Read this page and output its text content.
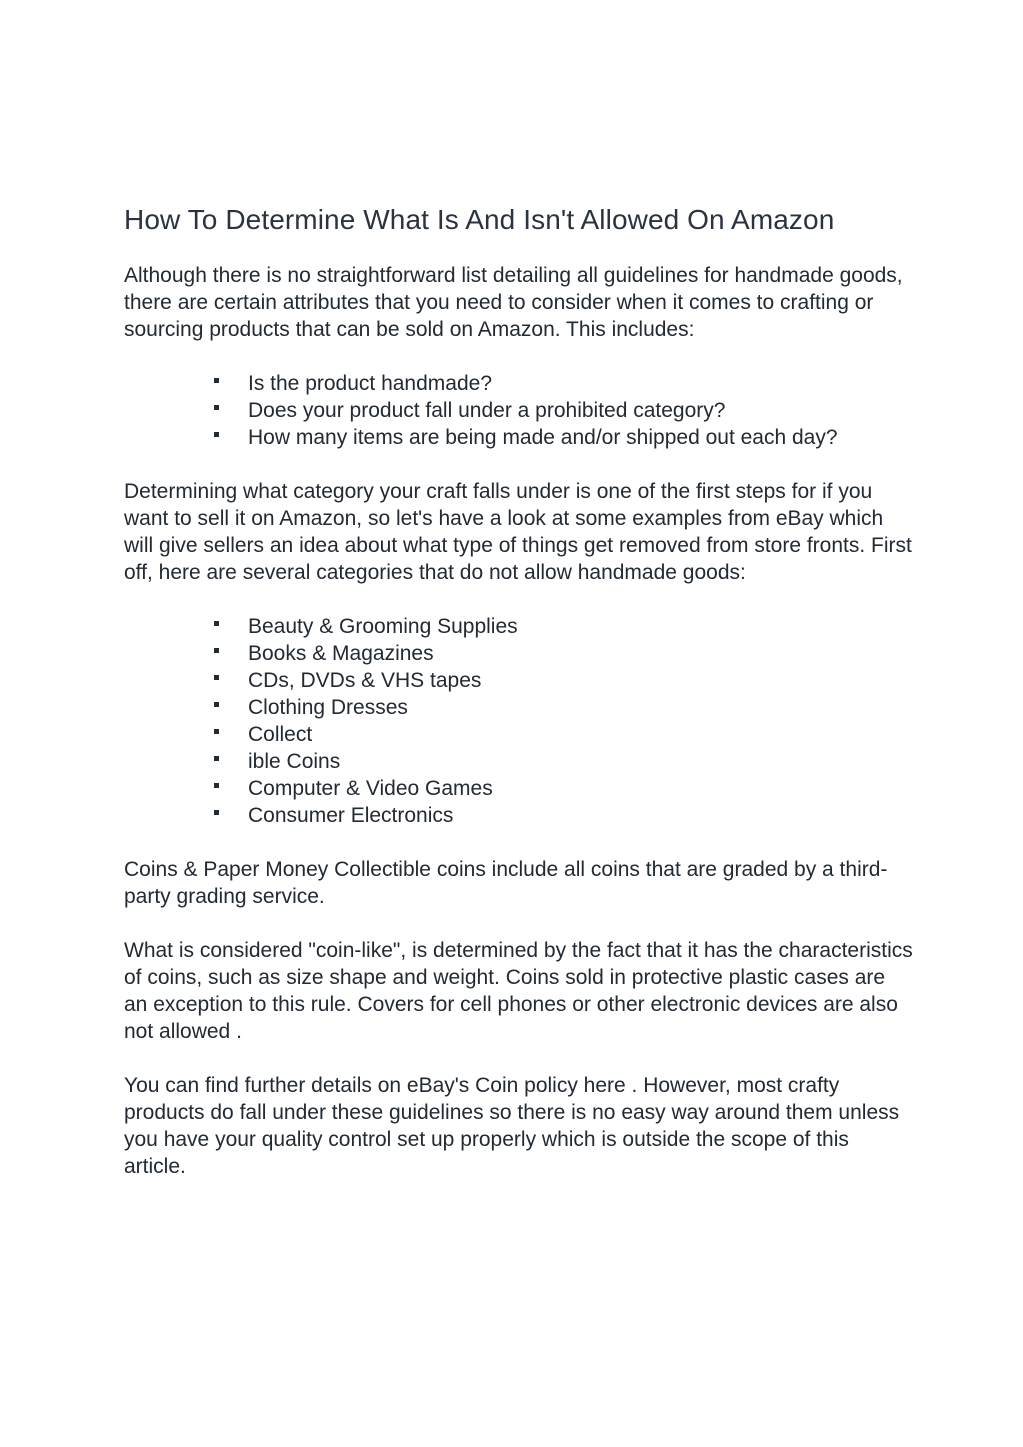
How To Determine What Is And Isn't Allowed On Amazon

Although there is no straightforward list detailing all guidelines for handmade goods, there are certain attributes that you need to consider when it comes to crafting or sourcing products that can be sold on Amazon. This includes:

Is the product handmade?
Does your product fall under a prohibited category?
How many items are being made and/or shipped out each day?

Determining what category your craft falls under is one of the first steps for if you want to sell it on Amazon, so let's have a look at some examples from eBay which will give sellers an idea about what type of things get removed from store fronts. First off, here are several categories that do not allow handmade goods:

Beauty & Grooming Supplies
Books & Magazines
CDs, DVDs & VHS tapes
Clothing Dresses
Collect
ible Coins
Computer & Video Games
Consumer Electronics

Coins & Paper Money Collectible coins include all coins that are graded by a third-party grading service.

What is considered "coin-like", is determined by the fact that it has the characteristics of coins, such as size shape and weight. Coins sold in protective plastic cases are an exception to this rule. Covers for cell phones or other electronic devices are also not allowed .

You can find further details on eBay's Coin policy here . However, most crafty products do fall under these guidelines so there is no easy way around them unless you have your quality control set up properly which is outside the scope of this article.
